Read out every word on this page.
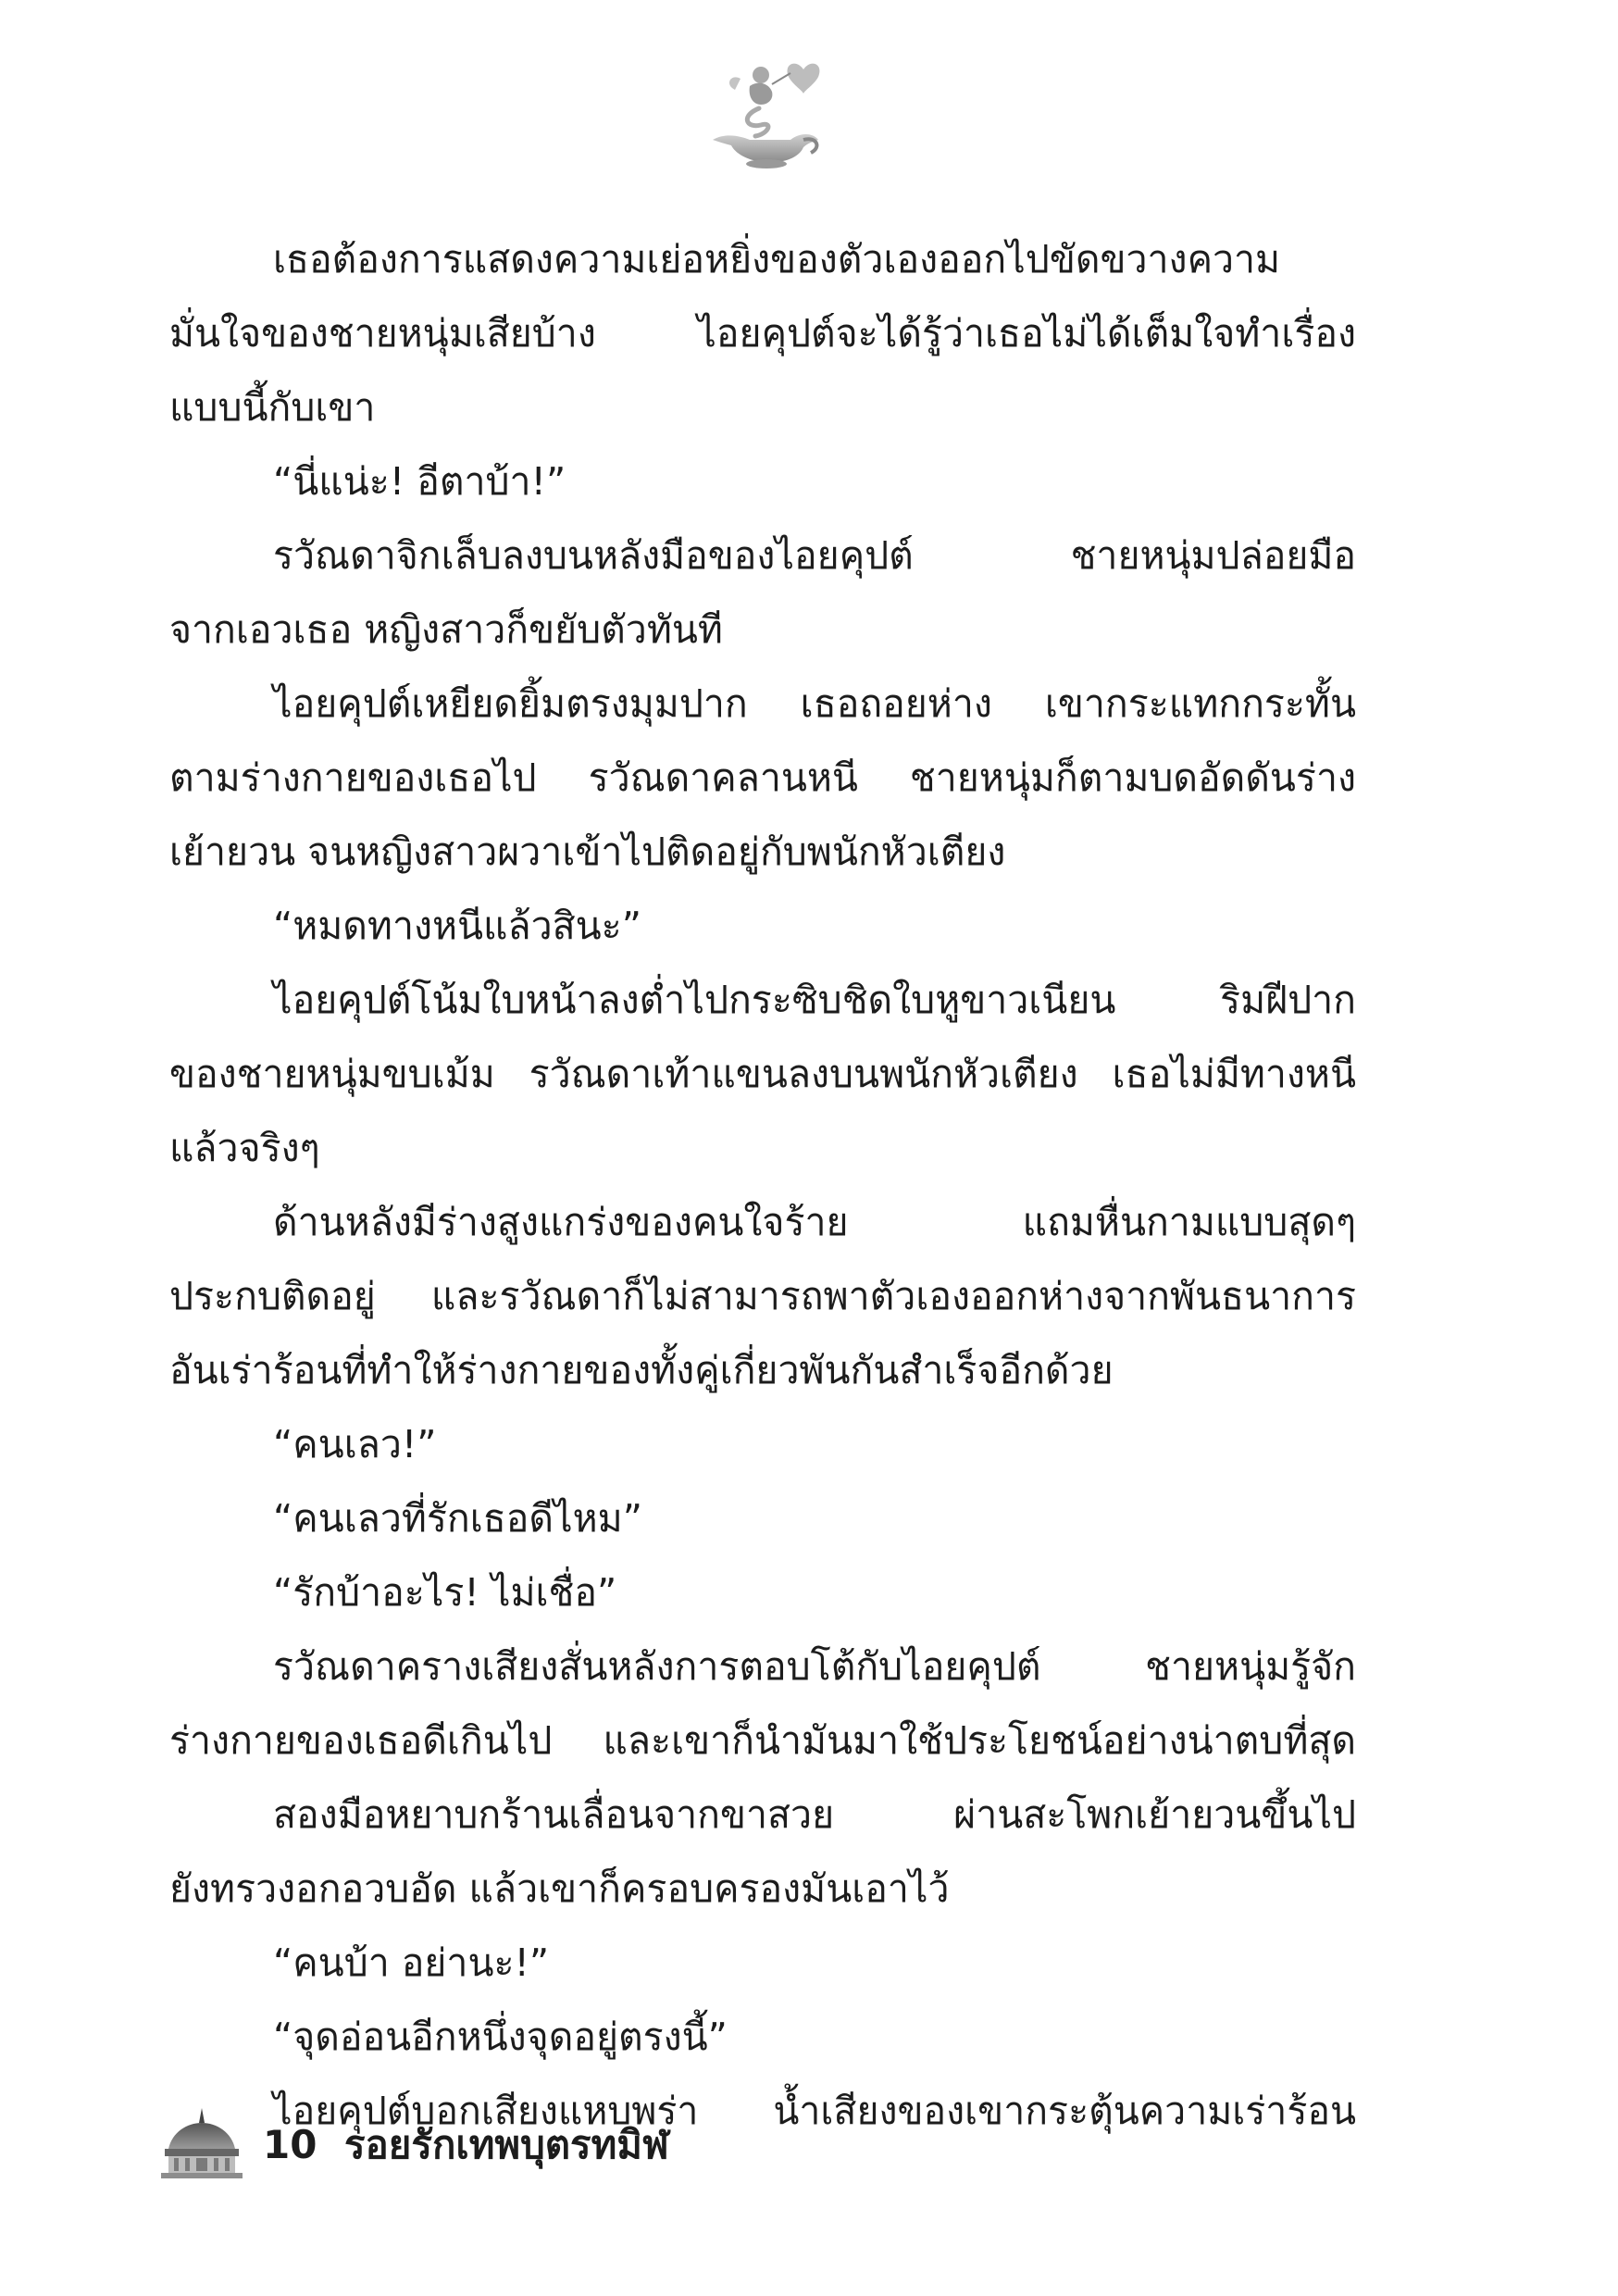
เธอต้องการแสดงความเย่อหยิ่งของตัวเองออกไปขัดขวางความ
มั่นใจของชายหนุ่มเสียบ้าง ไอยคุปต์จะได้รู้ว่าเธอไม่ได้เต็มใจทำเรื่อง
แบบนี้กับเขา
“นี่แน่ะ! อีตาบ้า!”
รวัณดาจิกเล็บลงบนหลังมือของไอยคุปต์ ชายหนุ่มปล่อยมือ
จากเอวเธอ หญิงสาวก็ขยับตัวทันที
ไอยคุปต์เหยียดยิ้มตรงมุมปาก เธอถอยห่าง เขากระแทกกระทั้น
ตามร่างกายของเธอไป รวัณดาคลานหนี ชายหนุ่มก็ตามบดอัดดันร่าง
เย้ายวน จนหญิงสาวผวาเข้าไปติดอยู่กับพนักหัวเตียง
“หมดทางหนีแล้วสินะ”
ไอยคุปต์โน้มใบหน้าลงต่ำไปกระซิบชิดใบหูขาวเนียน ริมฝีปาก
ของชายหนุ่มขบเม้ม รวัณดาเท้าแขนลงบนพนักหัวเตียง เธอไม่มีทางหนี
แล้วจริงๆ
ด้านหลังมีร่างสูงแกร่งของคนใจร้าย แถมหื่นกามแบบสุดๆ
ประกบติดอยู่ และรวัณดาก็ไม่สามารถพาตัวเองออกห่างจากพันธนาการ
อันเร่าร้อนที่ทำให้ร่างกายของทั้งคู่เกี่ยวพันกันสำเร็จอีกด้วย
“คนเลว!”
“คนเลวที่รักเธอดีไหม”
“รักบ้าอะไร! ไม่เชื่อ”
รวัณดาครางเสียงสั่นหลังการตอบโต้กับไอยคุปต์ ชายหนุ่มรู้จัก
ร่างกายของเธอดีเกินไป และเขาก็นำมันมาใช้ประโยชน์อย่างน่าตบที่สุด
สองมือหยาบกร้านเลื่อนจากขาสวย ผ่านสะโพกเย้ายวนขึ้นไป
ยังทรวงอกอวบอัด แล้วเขาก็ครอบครองมันเอาไว้
“คนบ้า อย่านะ!”
“จุดอ่อนอีกหนึ่งจุดอยู่ตรงนี้”
ไอยคุปต์บอกเสียงแหบพร่า น้ำเสียงของเขากระตุ้นความเร่าร้อน
10 รอยรักเทพบุตรทมิฬ
